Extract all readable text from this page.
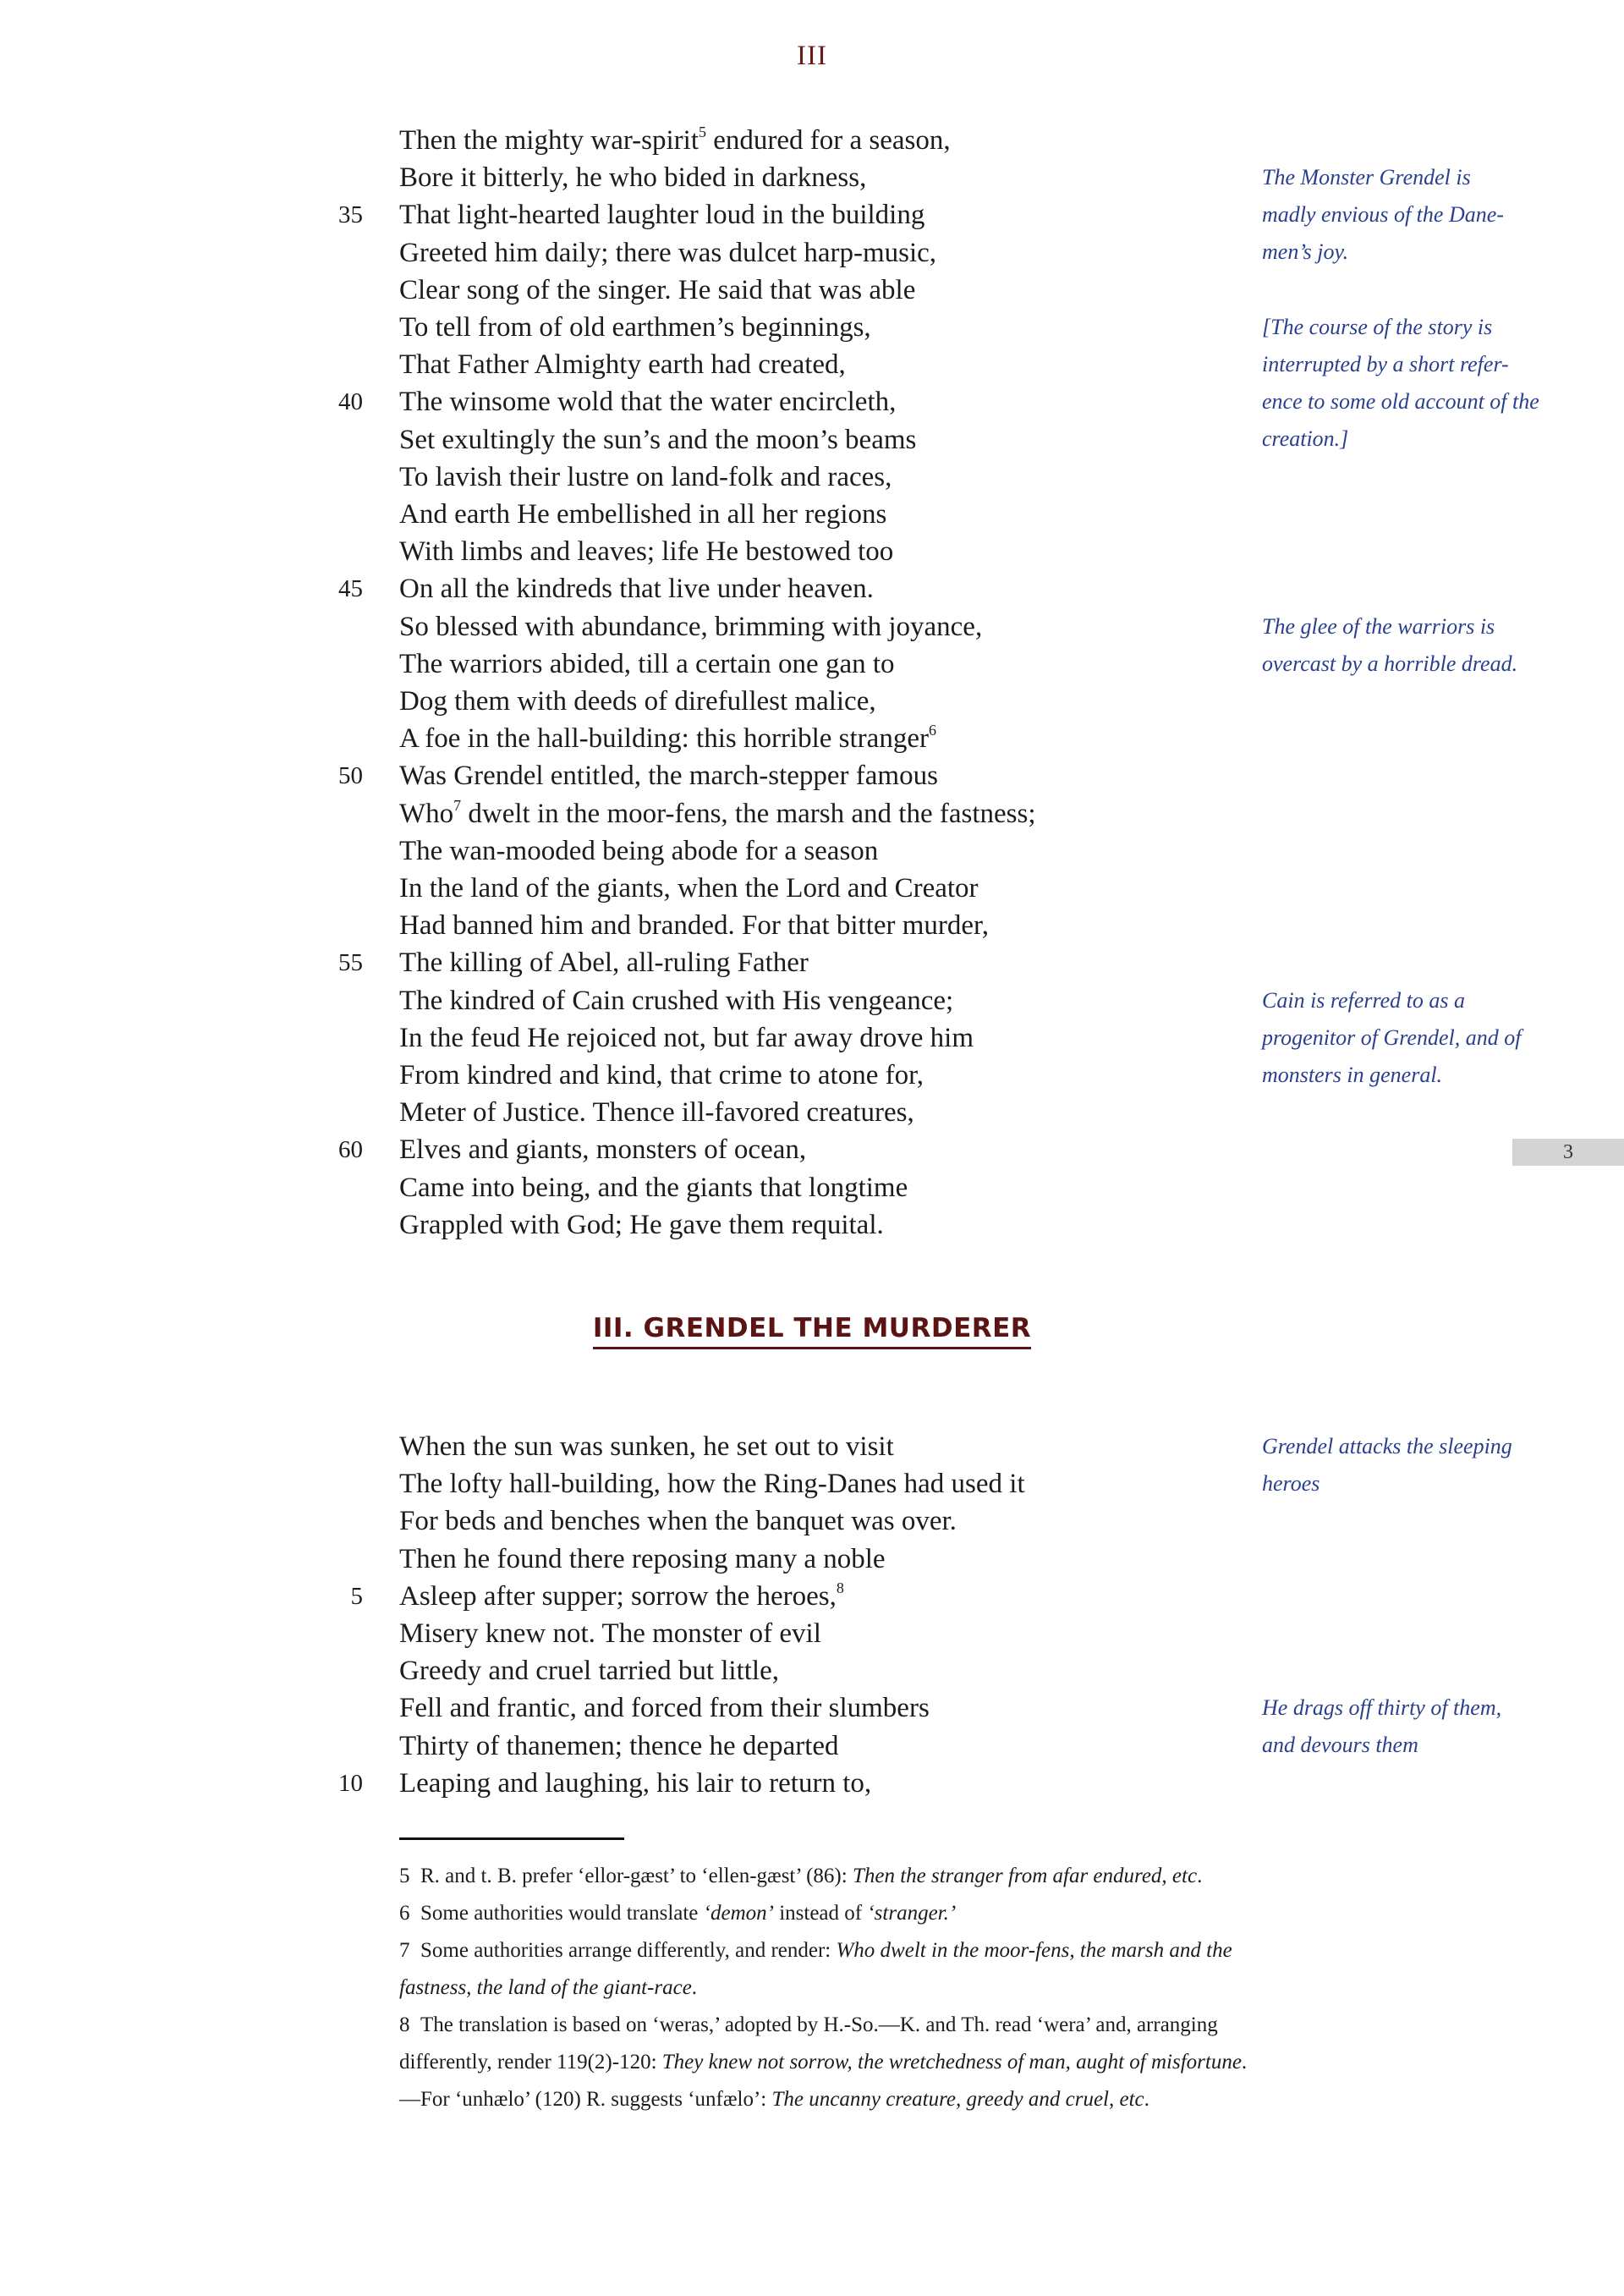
III
Then the mighty war-spirit$^5$ endured for a season,
Bore it bitterly, he who bided in darkness,
35 That light-hearted laughter loud in the building
Greeted him daily; there was dulcet harp-music,
Clear song of the singer. He said that was able
To tell from of old earthmen’s beginnings,
That Father Almighty earth had created,
40 The winsome wold that the water encircleth,
Set exultingly the sun’s and the moon’s beams
To lavish their lustre on land-folk and races,
And earth He embellished in all her regions
With limbs and leaves; life He bestowed too
45 On all the kindreds that live under heaven.
So blessed with abundance, brimming with joyance,
The warriors abided, till a certain one gan to
Dog them with deeds of direfullest malice,
A foe in the hall-building: this horrible stranger$^6$
50 Was Grendel entitled, the march-stepper famous
Who$^7$ dwelt in the moor-fens, the marsh and the fastness;
The wan-mooded being abode for a season
In the land of the giants, when the Lord and Creator
Had banned him and branded. For that bitter murder,
55 The killing of Abel, all-ruling Father
The kindred of Cain crushed with His vengeance;
In the feud He rejoiced not, but far away drove him
From kindred and kind, that crime to atone for,
Meter of Justice. Thence ill-favored creatures,
60 Elves and giants, monsters of ocean,
Came into being, and the giants that longtime
Grappled with God; He gave them requital.
The Monster Grendel is
madly envious of the Dane-
men’s joy.
[The course of the story is
interrupted by a short refer-
ence to some old account of the
creation.]
The glee of the warriors is
overcast by a horrible dread.
Cain is referred to as a
progenitor of Grendel, and of
monsters in general.
When the sun was sunken, he set out to visit
The lofty hall-building, how the Ring-Danes had used it
For beds and benches when the banquet was over.
Then he found there reposing many a noble
5 Asleep after supper; sorrow the heroes,$^8$
Misery knew not. The monster of evil
Greedy and cruel tarried but little,
Fell and frantic, and forced from their slumbers
Thirty of thanemen; thence he departed
10 Leaping and laughing, his lair to return to,
Grendel attacks the sleeping
heroes
He drags off thirty of them,
and devours them
3
III. GRENDEL THE MURDERER

5 R. and t. B. prefer ‘ellor-gæst’ to ‘ellen-gæst’ (86): Then the stranger from afar endured, etc.

6 Some authorities would translate ‘demon’ instead of ‘stranger.’

7 Some authorities arrange differently, and render: Who dwelt in the moor-fens, the marsh and the fastness, the land of the giant-race.

8 The translation is based on ‘weras,’ adopted by H.-So.—K. and Th. read ‘wera’ and, arranging differently, render 119(2)-120: They knew not sorrow, the wretchedness of man, aught of misfortune.—For ‘unhælo’ (120) R. suggests ‘unfælo’: The uncanny creature, greedy and cruel, etc.
